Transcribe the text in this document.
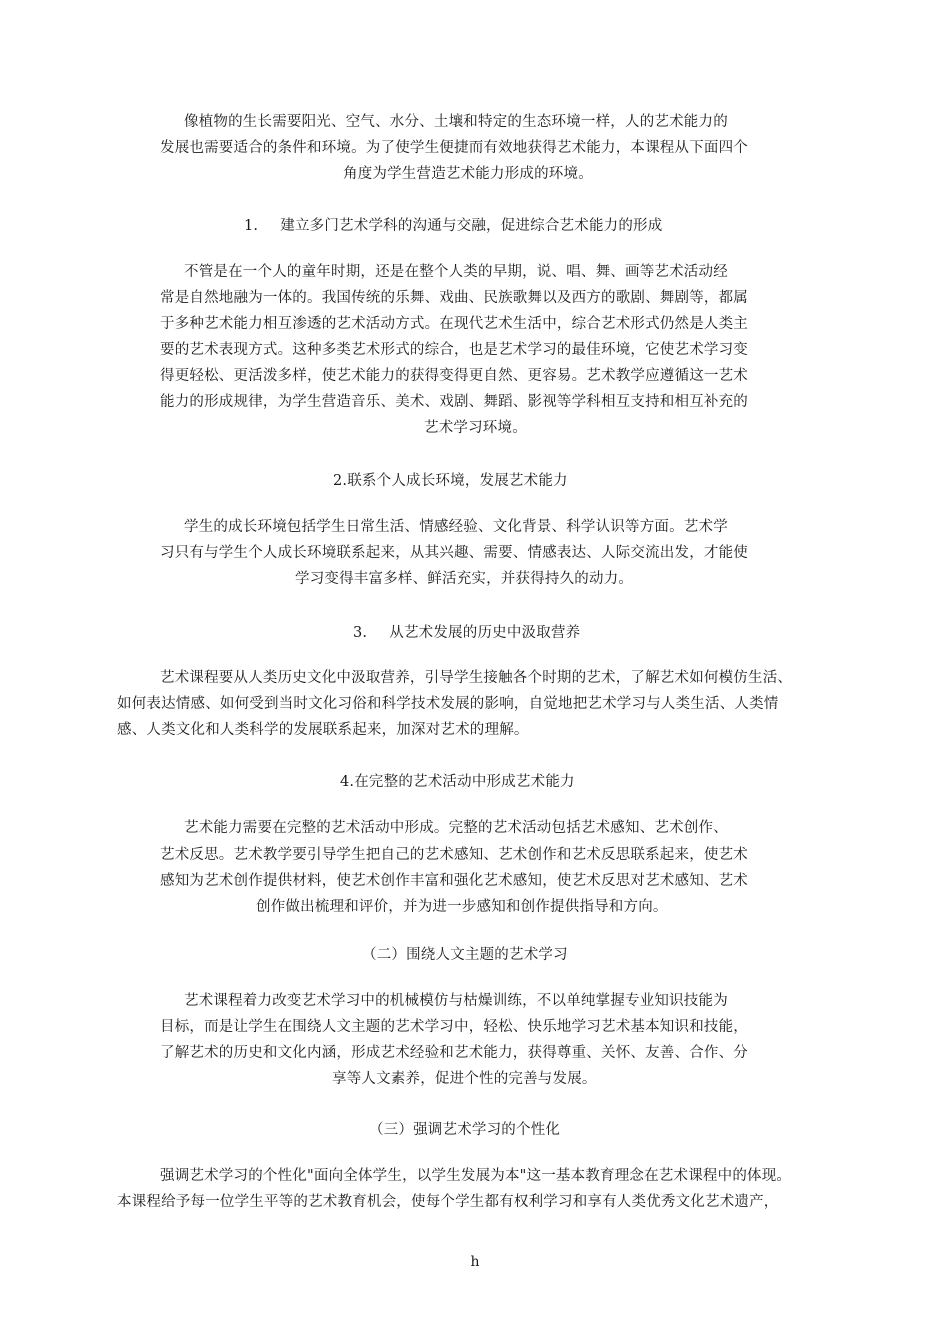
像植物的生长需要阳光、空气、水分、土壤和特定的生态环境一样，人的艺术能力的
发展也需要适合的条件和环境。为了使学生便捷而有效地获得艺术能力，本课程从下面四个
角度为学生营造艺术能力形成的环境。
1. 建立多门艺术学科的沟通与交融，促进综合艺术能力的形成
不管是在一个人的童年时期，还是在整个人类的早期，说、唱、舞、画等艺术活动经
常是自然地融为一体的。我国传统的乐舞、戏曲、民族歌舞以及西方的歌剧、舞剧等，都属
于多种艺术能力相互渗透的艺术活动方式。在现代艺术生活中，综合艺术形式仍然是人类主
要的艺术表现方式。这种多类艺术形式的综合，也是艺术学习的最佳环境，它使艺术学习变
得更轻松、更活泼多样，使艺术能力的获得变得更自然、更容易。艺术教学应遵循这一艺术
能力的形成规律，为学生营造音乐、美术、戏剧、舞蹈、影视等学科相互支持和相互补充的
艺术学习环境。
2.联系个人成长环境，发展艺术能力
学生的成长环境包括学生日常生活、情感经验、文化背景、科学认识等方面。艺术学
习只有与学生个人成长环境联系起来，从其兴趣、需要、情感表达、人际交流出发，才能使
学习变得丰富多样、鲜活充实，并获得持久的动力。
3. 从艺术发展的历史中汲取营养
艺术课程要从人类历史文化中汲取营养，引导学生接触各个时期的艺术，了解艺术如何模仿生活、
如何表达情感、如何受到当时文化习俗和科学技术发展的影响，自觉地把艺术学习与人类生活、人类情
感、人类文化和人类科学的发展联系起来，加深对艺术的理解。
4.在完整的艺术活动中形成艺术能力
艺术能力需要在完整的艺术活动中形成。完整的艺术活动包括艺术感知、艺术创作、
艺术反思。艺术教学要引导学生把自己的艺术感知、艺术创作和艺术反思联系起来，使艺术
感知为艺术创作提供材料，使艺术创作丰富和强化艺术感知，使艺术反思对艺术感知、艺术
创作做出梳理和评价，并为进一步感知和创作提供指导和方向。
（二）围绕人文主题的艺术学习
艺术课程着力改变艺术学习中的机械模仿与枯燥训练，不以单纯掌握专业知识技能为
目标，而是让学生在围绕人文主题的艺术学习中，轻松、快乐地学习艺术基本知识和技能，
了解艺术的历史和文化内涵，形成艺术经验和艺术能力，获得尊重、关怀、友善、合作、分
享等人文素养，促进个性的完善与发展。
（三）强调艺术学习的个性化
强调艺术学习的个性化"面向全体学生，以学生发展为本"这一基本教育理念在艺术课程中的体现。
本课程给予每一位学生平等的艺术教育机会，使每个学生都有权利学习和享有人类优秀文化艺术遗产，
h
